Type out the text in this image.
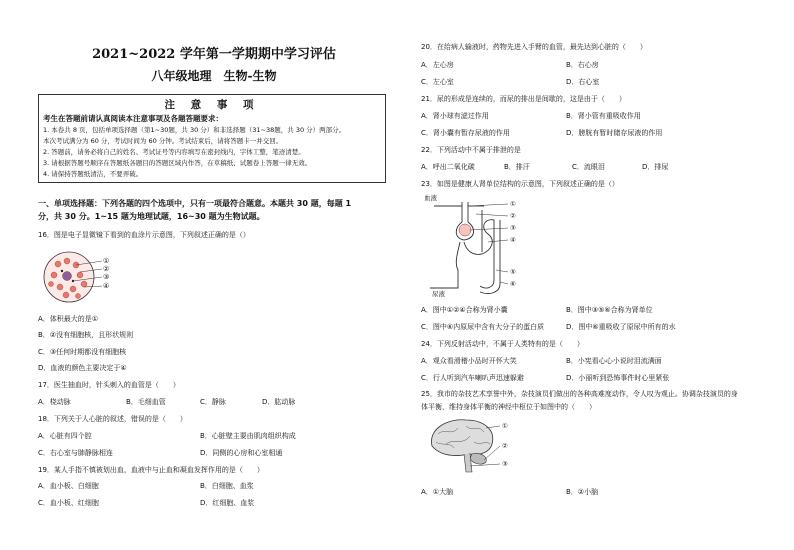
2021~2022 学年第一学期期中学习评估
八年级地理　生物-生物
注 意 事 项
考生在答题前请认真阅读本注意事项及各题答题要求：
1. 本卷共 8 页，包括单项选择题（第1~30题，共 30 分）和非选择题（31~38题，共 30 分）两部分。
本次考试满分为 60 分，考试时间为 60 分钟。考试结束后，请将答题卡一并交回。
2. 答题前，请务必将自己的姓名、考试证号等内容填写在密封线内，字体工整，笔迹清楚。
3. 请根据答题号顺序在答题纸各题目的答题区域内作答，在草稿纸、试题卷上答题一律无效。
4. 请保持答题纸清洁，不要弄破。
一、单项选择题：下列各题的四个选项中，只有一项最符合题意。本题共 30 题，每题 1
分，共 30 分。1~15 题为地理试题，16~30 题为生物试题。
16．图是电子显微镜下看到的血涂片示意图，下列叙述正确的是（）
①
②
③
④
A．体积最大的是①
B．②没有细胞核，且形状规则
C．③任何时期都没有细胞核
D．血液的颜色主要决定于④
17．医生抽血时，针头刺入的血管是（　　）
A．桡动脉	B．毛细血管	C．静脉	D．肱动脉
18．下列关于人心脏的叙述，错误的是（　　）
A．心脏有四个腔	B．心脏壁主要由肌肉组织构成
C．右心室与肺静脉相连	D．同侧的心房和心室相通
19．某人手指不慎被划出血，血液中与止血和凝血发挥作用的是（　　）
A．血小板、白细胞	B．白细胞、血浆
C．血小板、红细胞	D．红细胞、血浆
20．在给病人输液时，药物先进入手臂的血管，最先达到心脏的（　　）
A．左心房	B．右心房
C．左心室	D．右心室
21．尿的形成是连续的，而尿的排出是间歇的，这是由于（　　）
A．肾小球有滤过作用	B．肾小管有重吸收作用
C．肾小囊有暂存尿液的作用	D．膀胱有暂时储存尿液的作用
22．下列活动中不属于排泄的是
A．呼出二氧化碳	B．排汗	C．流眼泪	D．排尿
23．如图是健康人肾单位结构的示意图，下列叙述正确的是（）
血液
①
②
③
④
⑤
⑥
尿液
A．图中①②④合称为肾小囊	B．图中③⑤⑥合称为肾单位
C．图中⑥内原尿中含有大分子的蛋白质	D．图中⑥重吸收了原尿中所有的水
24．下列反射活动中，不属于人类特有的是（　　）
A．观众看滑稽小品时开怀大笑	B．小宪看心心小说时泪流满面
C．行人听到汽车喇叭声迅速躲避	D．小丽听到恐怖事件时心里紧张
25．我市的杂技艺术享誉中外，杂技演员们做出的各种高难度动作，令人叹为观止。协调杂技演员的身
体平衡，维持身体平衡的神经中枢位于如图中的（　　）
①
②
③
A．①大脑	B．②小脑
